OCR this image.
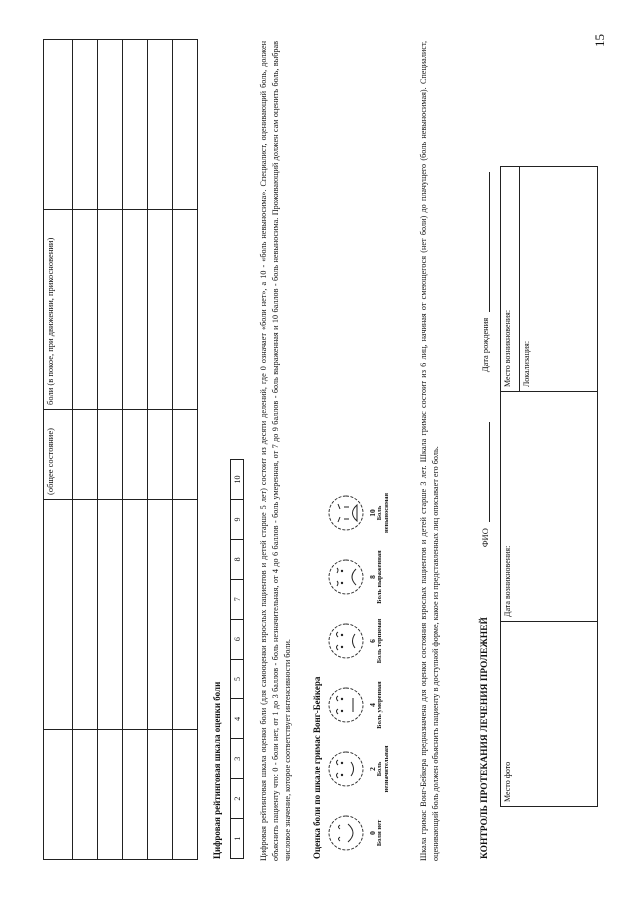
15
		(общее состояние)	боли (в покое, при движении, прикосновении)	

Цифровая рейтинговая шкала оценки боли 1	2	3	4	5	6	7	8	9	10 Цифровая рейтинговая шкала оценки боли (для самооценки взрослых пациентов и детей старше 5 лет) состоит из десяти делений, где 0 означает «боли нет», а 10 - «боль невыносима». Специалист, оценивающий боль, должен объяснить пациенту что: 0 - боли нет, от 1 до 3 баллов - боль незначительная, от 4 до 6 баллов - боль умеренная, от 7 до 9 баллов - боль выраженная и 10 баллов - боль невыносима. Проживающий должен сам оценить боль, выбрав числовое значение, которое соответствует интенсивности боли. Оценка боли по шкале гримас Вонг-Бейкера	0 Боли нет
2 Боль незначительная
4 Боль умеренная
6 Боль терпимая
8 Боль выраженная
10 Боль невыносимая	Шкала гримас Вонг-Бейкера предназначена для оценки состояния взрослых пациентов и детей старше 3 лет. Шкала гримас состоит из 6 лиц, начиная от смеющегося (нет боли) до плачущего (боль невыносимая). Специалист, оценивающий боль должен объяснить пациенту в доступной форме, какое из представленных лиц описывает его боль.	КОНТРОЛЬ ПРОТЕКАНИЯ ЛЕЧЕНИЯ ПРОЛЕЖНЕЙ
ФИО
Дата рождения
Место фото	Дата возникновения:	Место возникновения:
Локализация:
